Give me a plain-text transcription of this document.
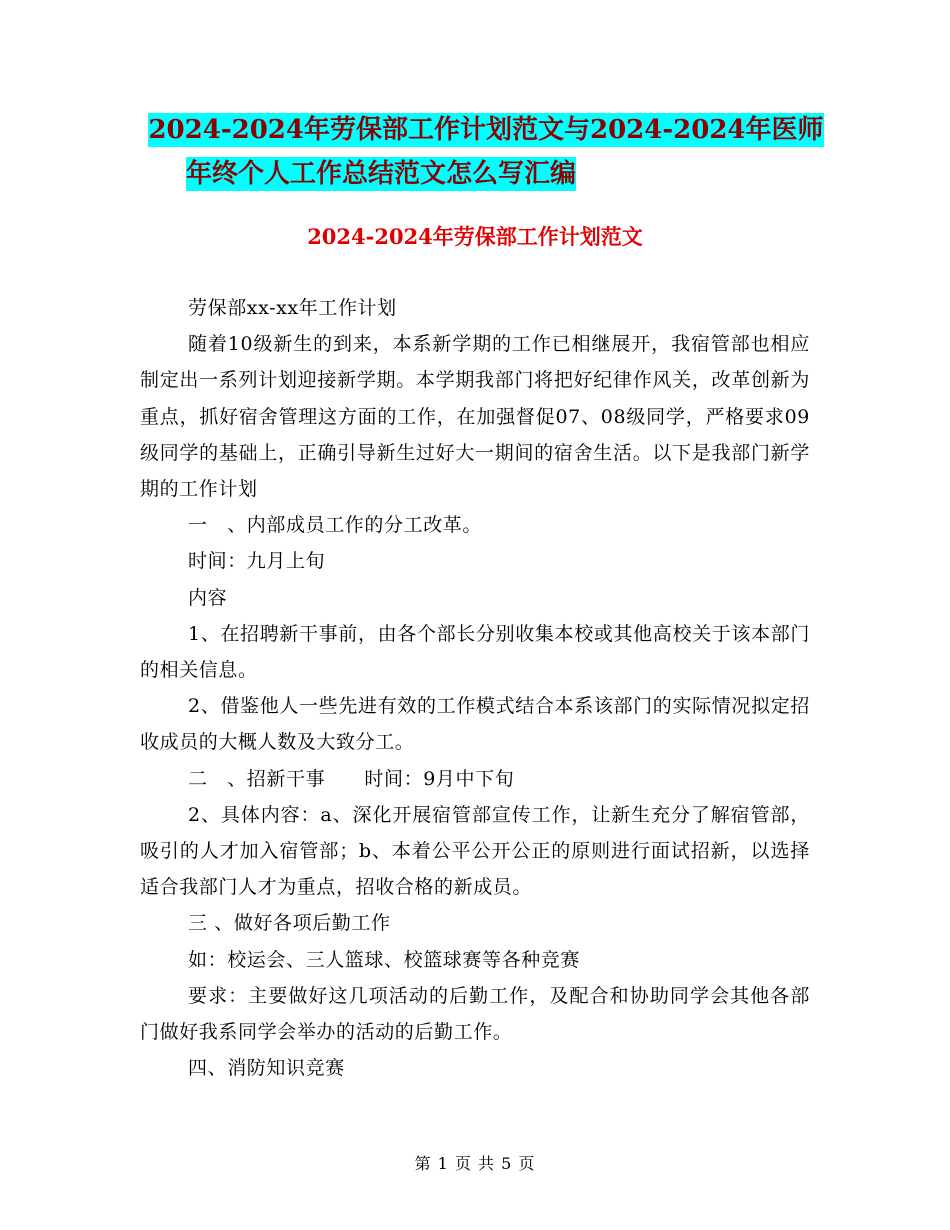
2024-2024年劳保部工作计划范文与2024-2024年医师
年终个人工作总结范文怎么写汇编
2024-2024年劳保部工作计划范文

劳保部xx-xx年工作计划

随着10级新生的到来，本系新学期的工作已相继展开，我宿管部也相应制定出一系列计划迎接新学期。本学期我部门将把好纪律作风关，改革创新为重点，抓好宿舍管理这方面的工作，在加强督促07、08级同学，严格要求09级同学的基础上，正确引导新生过好大一期间的宿舍生活。以下是我部门新学期的工作计划

一　、内部成员工作的分工改革。

时间：九月上旬

内容

1、在招聘新干事前，由各个部长分别收集本校或其他高校关于该本部门的相关信息。

2、借鉴他人一些先进有效的工作模式结合本系该部门的实际情况拟定招收成员的大概人数及大致分工。

二　、招新干事　　时间：9月中下旬

2、具体内容：a、深化开展宿管部宣传工作，让新生充分了解宿管部，吸引的人才加入宿管部；b、本着公平公开公正的原则进行面试招新，以选择适合我部门人才为重点，招收合格的新成员。

三 、做好各项后勤工作

如：校运会、三人篮球、校篮球赛等各种竞赛

要求：主要做好这几项活动的后勤工作，及配合和协助同学会其他各部门做好我系同学会举办的活动的后勤工作。

四、消防知识竞赛

第 1 页 共 5 页
